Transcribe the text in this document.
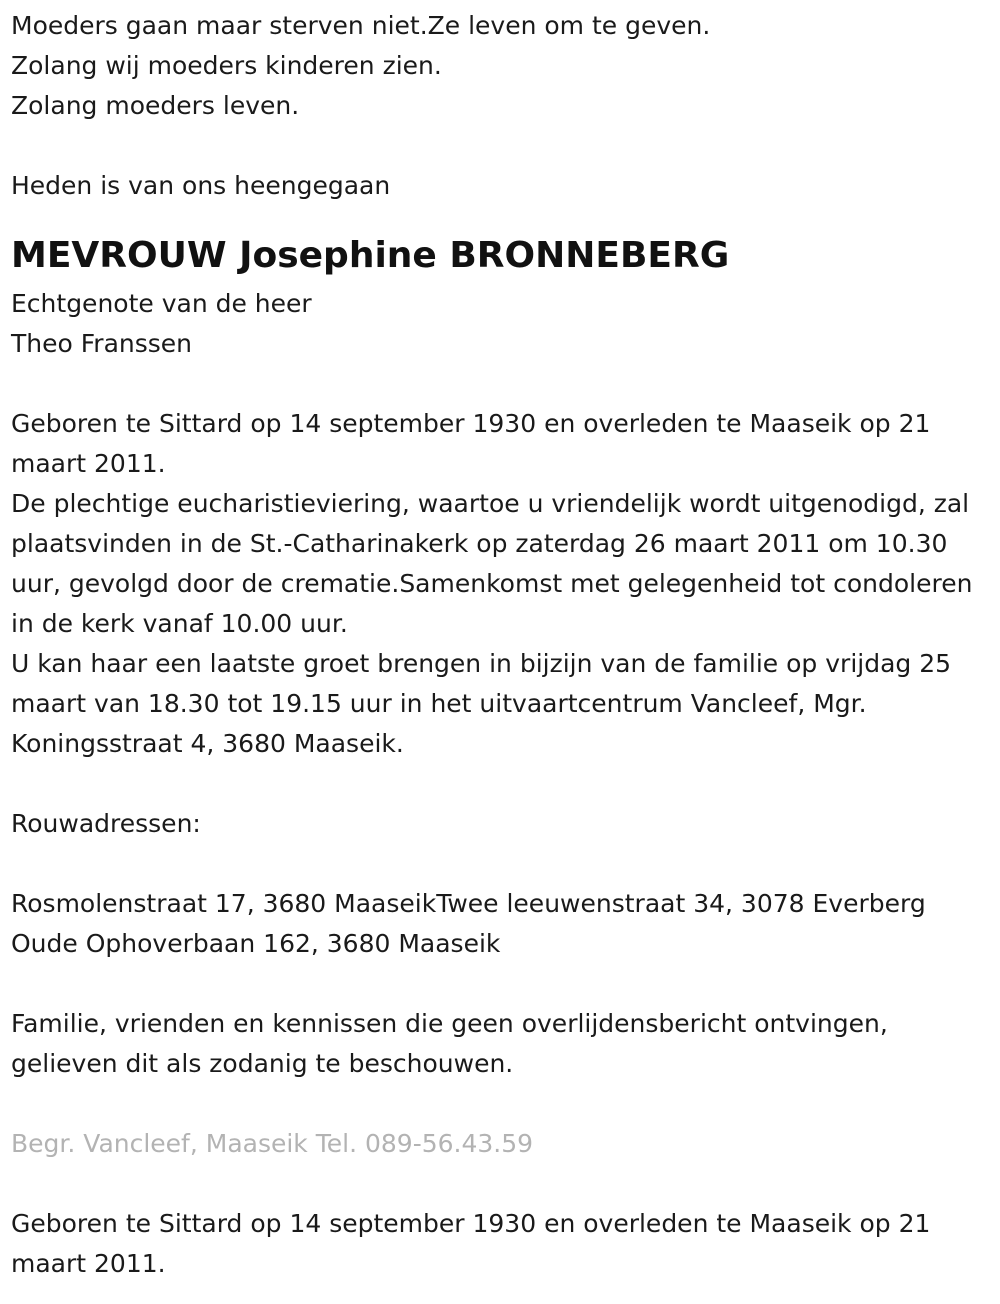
Moeders gaan maar sterven niet.Ze leven om te geven.
Zolang wij moeders kinderen zien.
Zolang moeders leven.
Heden is van ons heengegaan
MEVROUW Josephine BRONNEBERG
Echtgenote van de heer
Theo Franssen
Geboren te Sittard op 14 september 1930 en overleden te Maaseik op 21 maart 2011.
De plechtige eucharistieviering, waartoe u vriendelijk wordt uitgenodigd, zal plaatsvinden in de St.-Catharinakerk op zaterdag 26 maart 2011 om 10.30 uur, gevolgd door de crematie.Samenkomst met gelegenheid tot condoleren in de kerk vanaf 10.00 uur.
U kan haar een laatste groet brengen in bijzijn van de familie op vrijdag 25 maart van 18.30 tot 19.15 uur in het uitvaartcentrum Vancleef, Mgr. Koningsstraat 4, 3680 Maaseik.
Rouwadressen:
Rosmolenstraat 17, 3680 MaaseikTwee leeuwenstraat 34, 3078 Everberg
Oude Ophoverbaan 162, 3680 Maaseik
Familie, vrienden en kennissen die geen overlijdensbericht ontvingen, gelieven dit als zodanig te beschouwen.
Begr. Vancleef, Maaseik Tel. 089-56.43.59
Geboren te Sittard op 14 september 1930 en overleden te Maaseik op 21 maart 2011.
